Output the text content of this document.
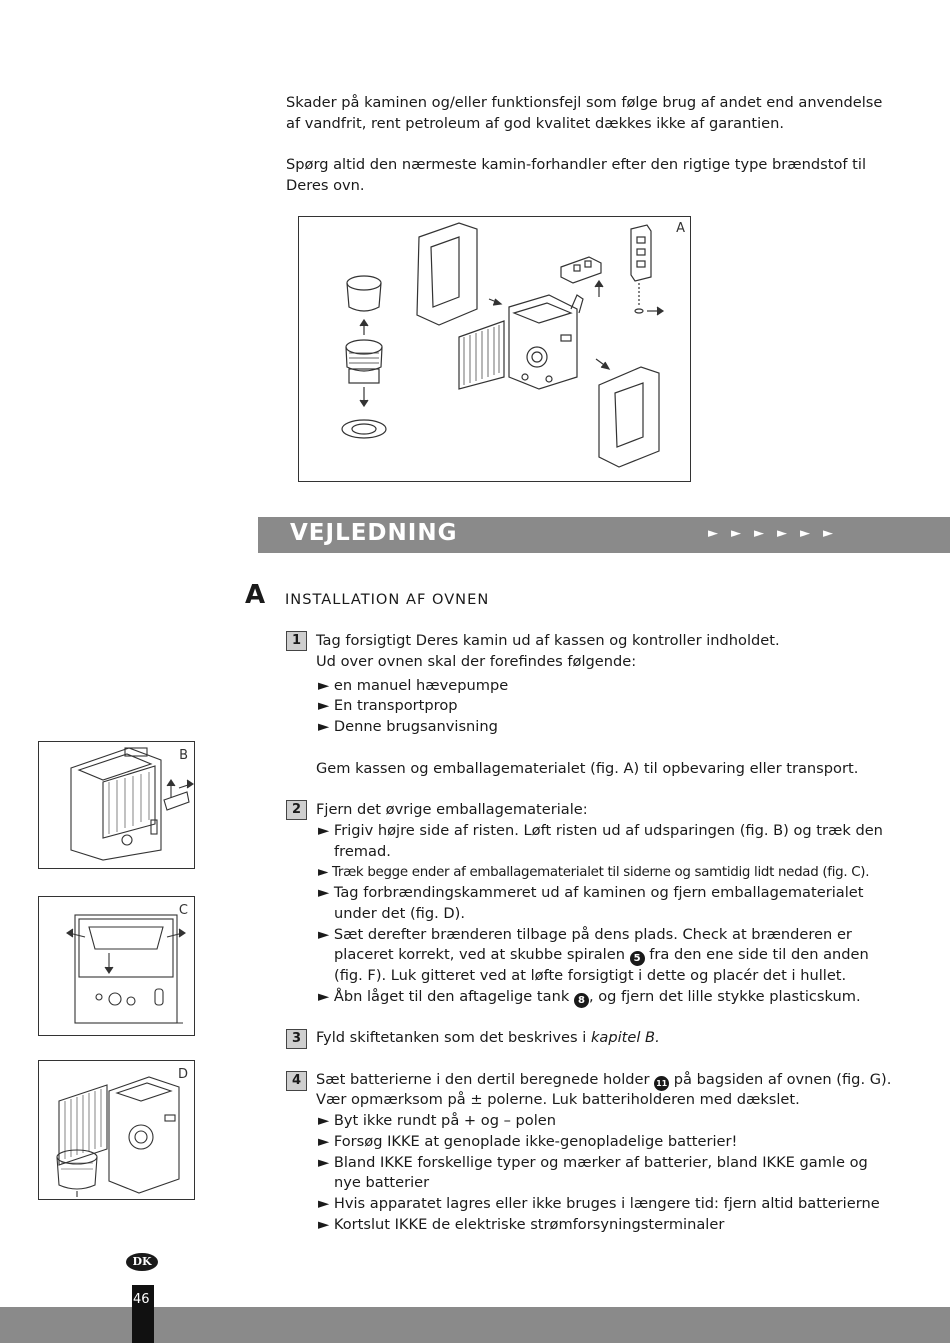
Skader på kaminen og/eller funktionsfejl som følge brug af andet end anvendelse
af vandfrit, rent petroleum af god kvalitet dækkes ikke af garantien.
Spørg altid den nærmeste kamin-forhandler efter den rigtige type brændstof til
Deres ovn.
A
VEJLEDNING	►►►►►►
A INSTALLATION AF OVNEN
1	Tag forsigtigt Deres kamin ud af kassen og kontroller indholdet.
Ud over ovnen skal der forefindes følgende:
► en manuel hævepumpe
► En transportprop
► Denne brugsanvisning
Gem kassen og emballagematerialet (fig. A) til opbevaring eller transport.
B
2	Fjern det øvrige emballagemateriale:
► Frigiv højre side af risten. Løft risten ud af udsparingen (fig. B) og træk den
fremad.
► Træk begge ender af emballagematerialet til siderne og samtidig lidt nedad (fig. C).
► Tag forbrændingskammeret ud af kaminen og fjern emballagematerialet
under det (fig. D).
► Sæt derefter brænderen tilbage på dens plads. Check at brænderen er
placeret korrekt, ved at skubbe spiralen 5 fra den ene side til den anden
(fig. F). Luk gitteret ved at løfte forsigtigt i dette og placér det i hullet.
► Åbn låget til den aftagelige tank 8 , og fjern det lille stykke plasticskum.
C
3	Fyld skiftetanken som det beskrives i kapitel B.
D	4	Sæt batterierne i den dertil beregnede holder 11 på bagsiden af ovnen (fig. G).
Vær opmærksom på ± polerne. Luk batteriholderen med dækslet.
► Byt ikke rundt på + og – polen
► Forsøg IKKE at genoplade ikke-genopladelige batterier!
► Bland IKKE forskellige typer og mærker af batterier, bland IKKE gamle og
nye batterier
► Hvis apparatet lagres eller ikke bruges i længere tid: fjern altid batterierne
► Kortslut IKKE de elektriske strømforsyningsterminaler
DK
46
